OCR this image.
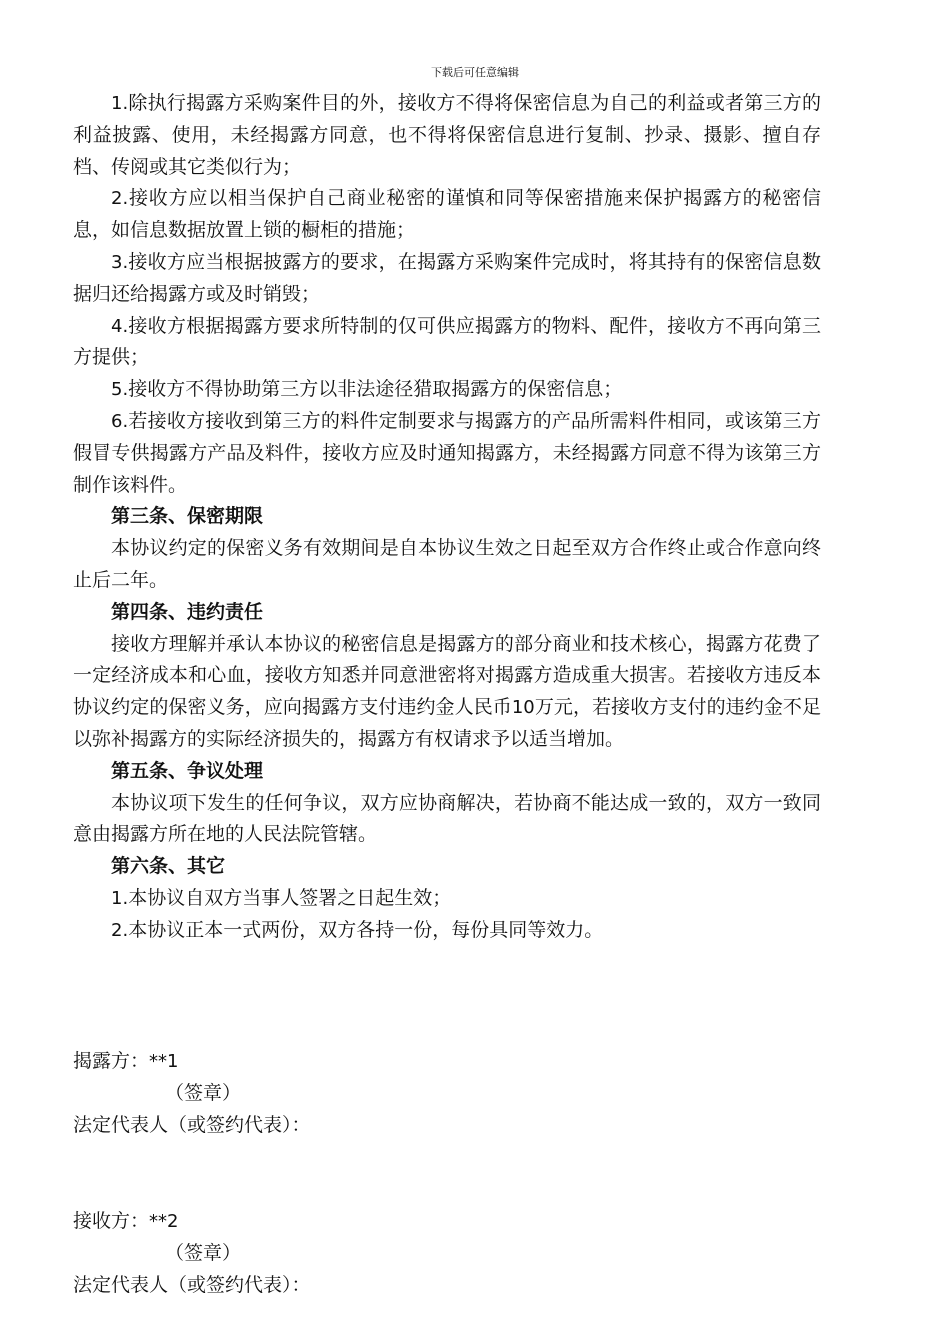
下载后可任意编辑

1.除执行揭露方采购案件目的外，接收方不得将保密信息为自己的利益或者第三方的利益披露、使用，未经揭露方同意，也不得将保密信息进行复制、抄录、摄影、擅自存档、传阅或其它类似行为；

2.接收方应以相当保护自己商业秘密的谨慎和同等保密措施来保护揭露方的秘密信息，如信息数据放置上锁的橱柜的措施；

3.接收方应当根据披露方的要求，在揭露方采购案件完成时，将其持有的保密信息数据归还给揭露方或及时销毁；

4.接收方根据揭露方要求所特制的仅可供应揭露方的物料、配件，接收方不再向第三方提供；

5.接收方不得协助第三方以非法途径猎取揭露方的保密信息；

6.若接收方接收到第三方的料件定制要求与揭露方的产品所需料件相同，或该第三方假冒专供揭露方产品及料件，接收方应及时通知揭露方，未经揭露方同意不得为该第三方制作该料件。

第三条、保密期限

本协议约定的保密义务有效期间是自本协议生效之日起至双方合作终止或合作意向终止后二年。

第四条、违约责任

接收方理解并承认本协议的秘密信息是揭露方的部分商业和技术核心，揭露方花费了一定经济成本和心血，接收方知悉并同意泄密将对揭露方造成重大损害。若接收方违反本协议约定的保密义务，应向揭露方支付违约金人民币10万元，若接收方支付的违约金不足以弥补揭露方的实际经济损失的，揭露方有权请求予以适当增加。

第五条、争议处理

本协议项下发生的任何争议，双方应协商解决，若协商不能达成一致的，双方一致同意由揭露方所在地的人民法院管辖。

第六条、其它

1.本协议自双方当事人签署之日起生效；

2.本协议正本一式两份，双方各持一份，每份具同等效力。

揭露方：**1
（签章）
法定代表人（或签约代表）：
接收方：**2
（签章）
法定代表人（或签约代表）：
